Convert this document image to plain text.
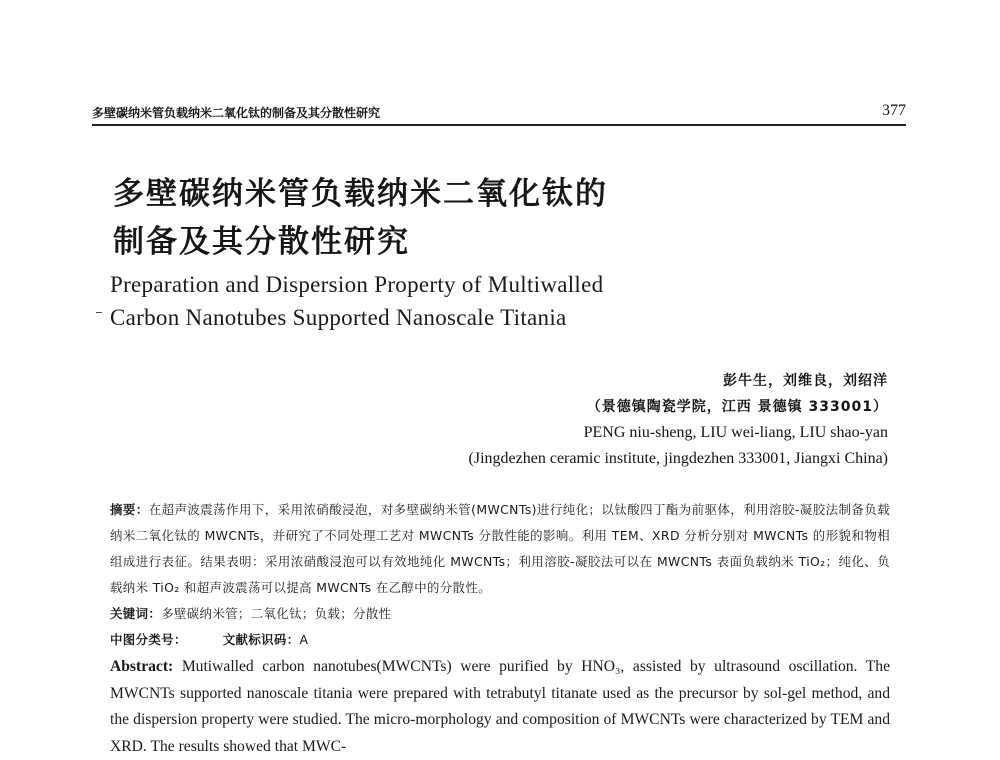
多壁碳纳米管负载纳米二氧化钛的制备及其分散性研究	377
多壁碳纳米管负载纳米二氧化钛的
制备及其分散性研究
Preparation and Dispersion Property of Multiwalled
Carbon Nanotubes Supported Nanoscale Titania
彭牛生，刘维良，刘绍洋
（景德镇陶瓷学院，江西 景德镇 333001）
PENG niu-sheng, LIU wei-liang, LIU shao-yan
(Jingdezhen ceramic institute, jingdezhen 333001, Jiangxi China)

摘要：在超声波震荡作用下，采用浓硝酸浸泡，对多壁碳纳米管(MWCNTs)进行纯化；以钛酸四丁酯为前驱体，利用溶胶-凝胶法制备负载纳米二氧化钛的 MWCNTs，并研究了不同处理工艺对 MWCNTs 分散性能的影响。利用 TEM、XRD 分析分别对 MWCNTs 的形貌和物相组成进行表征。结果表明：采用浓硝酸浸泡可以有效地纯化 MWCNTs；利用溶胶-凝胶法可以在 MWCNTs 表面负载纳米 TiO₂；纯化、负载纳米 TiO₂ 和超声波震荡可以提高 MWCNTs 在乙醇中的分散性。

关键词：多壁碳纳米管；二氧化钛；负载；分散性
中图分类号：	文献标识码：A

Abstract: Mutiwalled carbon nanotubes(MWCNTs) were purified by HNO₃, assisted by ultrasound oscillation. The MWCNTs supported nanoscale titania were prepared with tetrabutyl titanate used as the precursor by sol-gel method, and the dispersion property were studied. The micro-morphology and composition of MWCNTs were characterized by TEM and XRD. The results showed that MWC-
